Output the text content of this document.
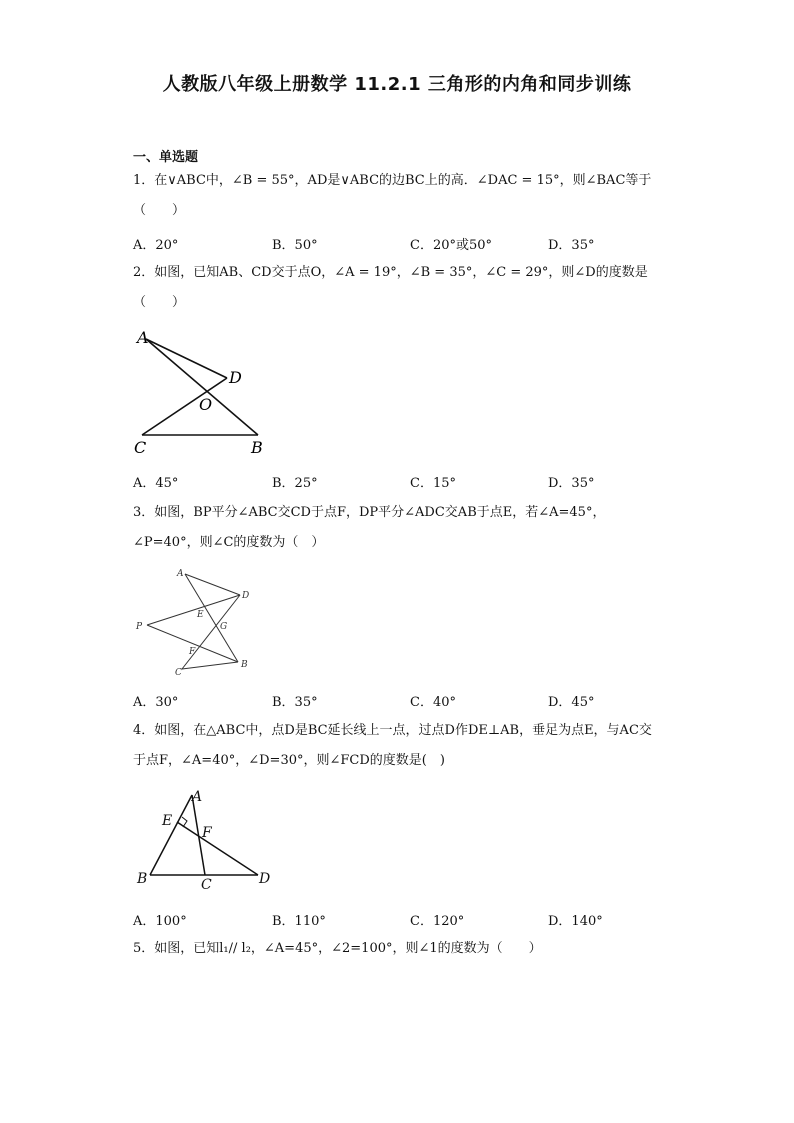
人教版八年级上册数学 11.2.1 三角形的内角和同步训练
一、单选题
1．在∨ABC中，∠B = 55°，AD是∨ABC的边BC上的高．∠DAC = 15°，则∠BAC等于（　　）
A．20°	B．50°	C．20°或50°	D．35°
2．如图，已知AB、CD交于点O，∠A = 19°，∠B = 35°，∠C = 29°，则∠D的度数是（　　）
A
D
O
C	B
A．45°	B．25°	C．15°	D．35°
3．如图，BP平分∠ABC交CD于点F，DP平分∠ADC交AB于点E，若∠A=45°，∠P=40°，则∠C的度数为（　）
A
D
E
G
P
F
C
B
A．30°	B．35°	C．40°	D．45°
4．如图，在△ABC中，点D是BC延长线上一点，过点D作DE⊥AB，垂足为点E，与AC交于点F，∠A=40°，∠D=30°，则∠FCD的度数是(　)
A
E
F
B	C	D
A．100°	B．110°	C．120°	D．140°
5．如图，已知l₁// l₂，∠A=45°，∠2=100°，则∠1的度数为（　　）
